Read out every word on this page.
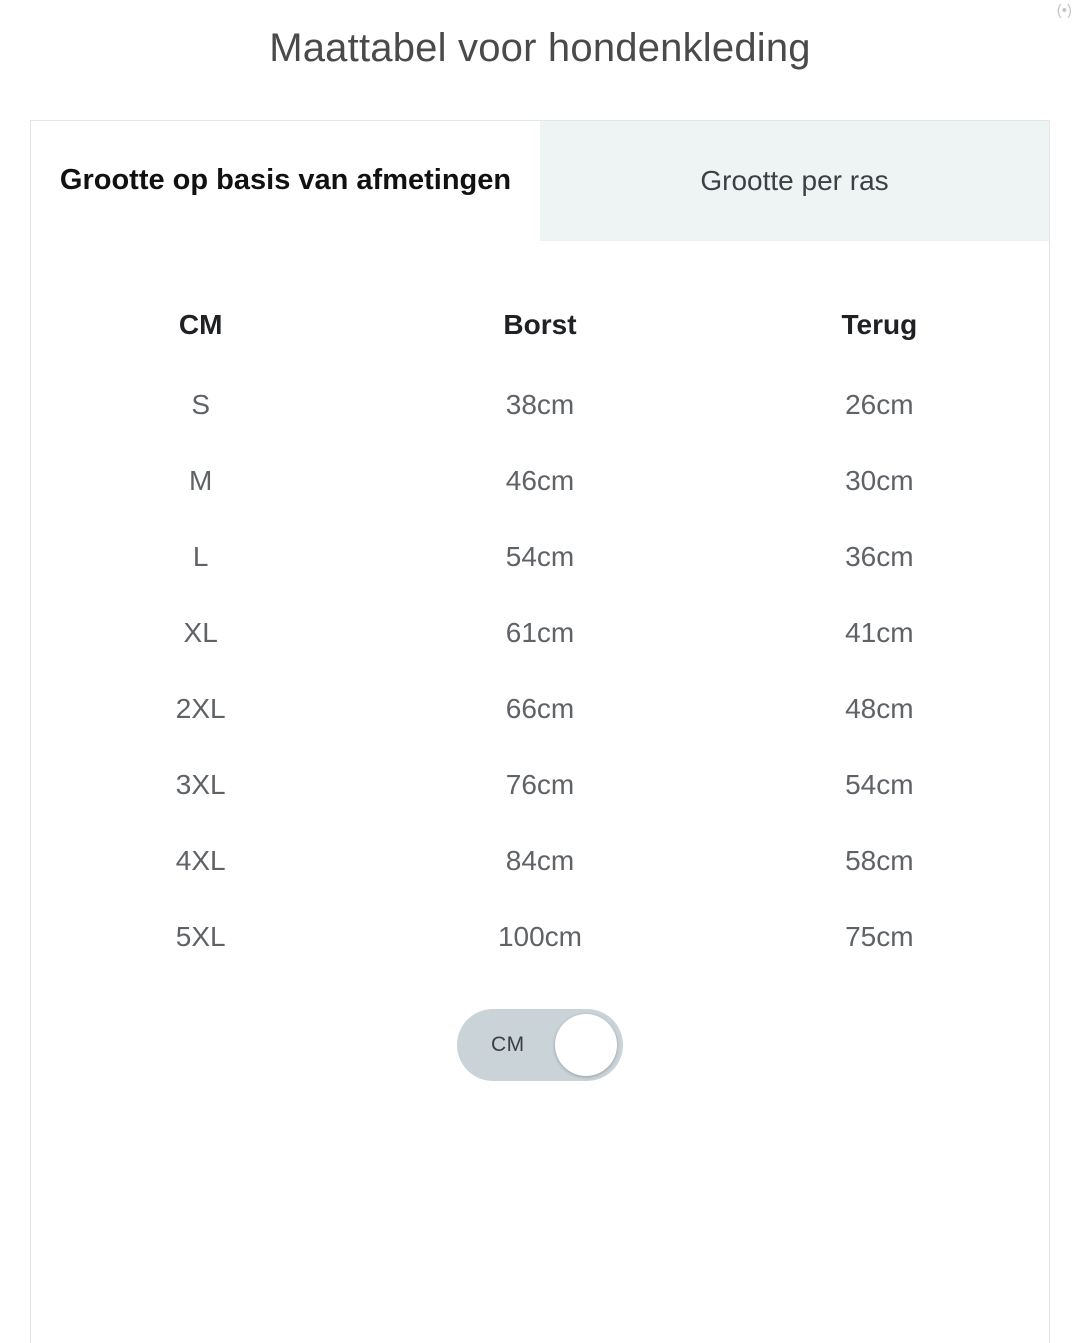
(•)
Maattabel voor hondenkleding
Grootte op basis van afmetingen	Grootte per ras
CM	Borst	Terug
S	38cm	26cm
M	46cm	30cm
L	54cm	36cm
XL	61cm	41cm
2XL	66cm	48cm
3XL	76cm	54cm
4XL	84cm	58cm
5XL	100cm	75cm
CM
